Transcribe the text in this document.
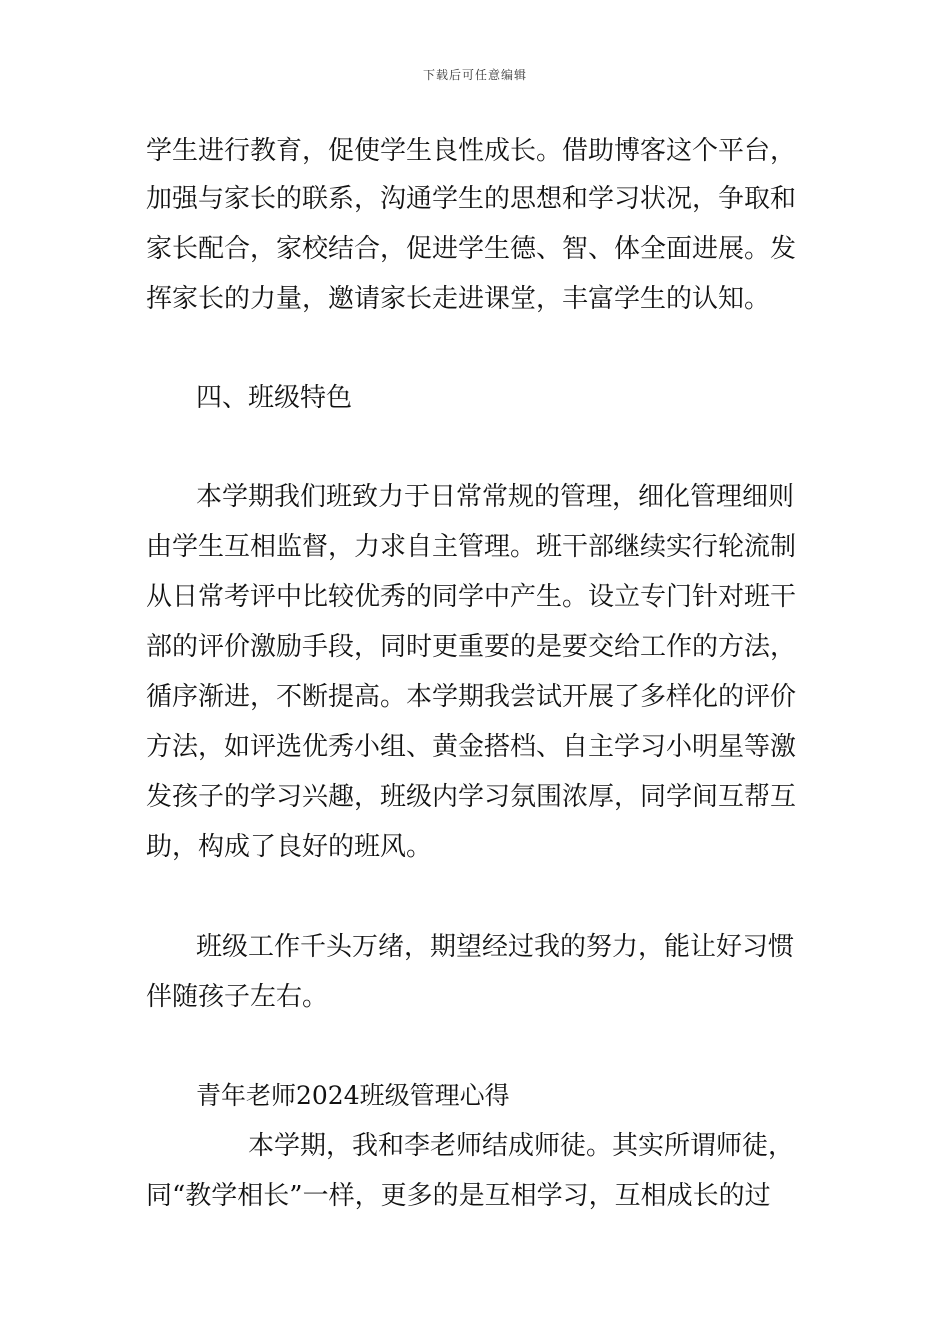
下载后可任意编辑
学生进行教育，促使学生良性成长。借助博客这个平台，
加强与家长的联系，沟通学生的思想和学习状况，争取和
家长配合，家校结合，促进学生德、智、体全面进展。发
挥家长的力量，邀请家长走进课堂，丰富学生的认知。
四、班级特色
本学期我们班致力于日常常规的管理，细化管理细则
由学生互相监督，力求自主管理。班干部继续实行轮流制
从日常考评中比较优秀的同学中产生。设立专门针对班干
部的评价激励手段，同时更重要的是要交给工作的方法，
循序渐进，不断提高。本学期我尝试开展了多样化的评价
方法，如评选优秀小组、黄金搭档、自主学习小明星等激
发孩子的学习兴趣，班级内学习氛围浓厚，同学间互帮互
助，构成了良好的班风。
班级工作千头万绪，期望经过我的努力，能让好习惯
伴随孩子左右。
青年老师2024班级管理心得
本学期，我和李老师结成师徒。其实所谓师徒，
同“教学相长”一样，更多的是互相学习，互相成长的过
